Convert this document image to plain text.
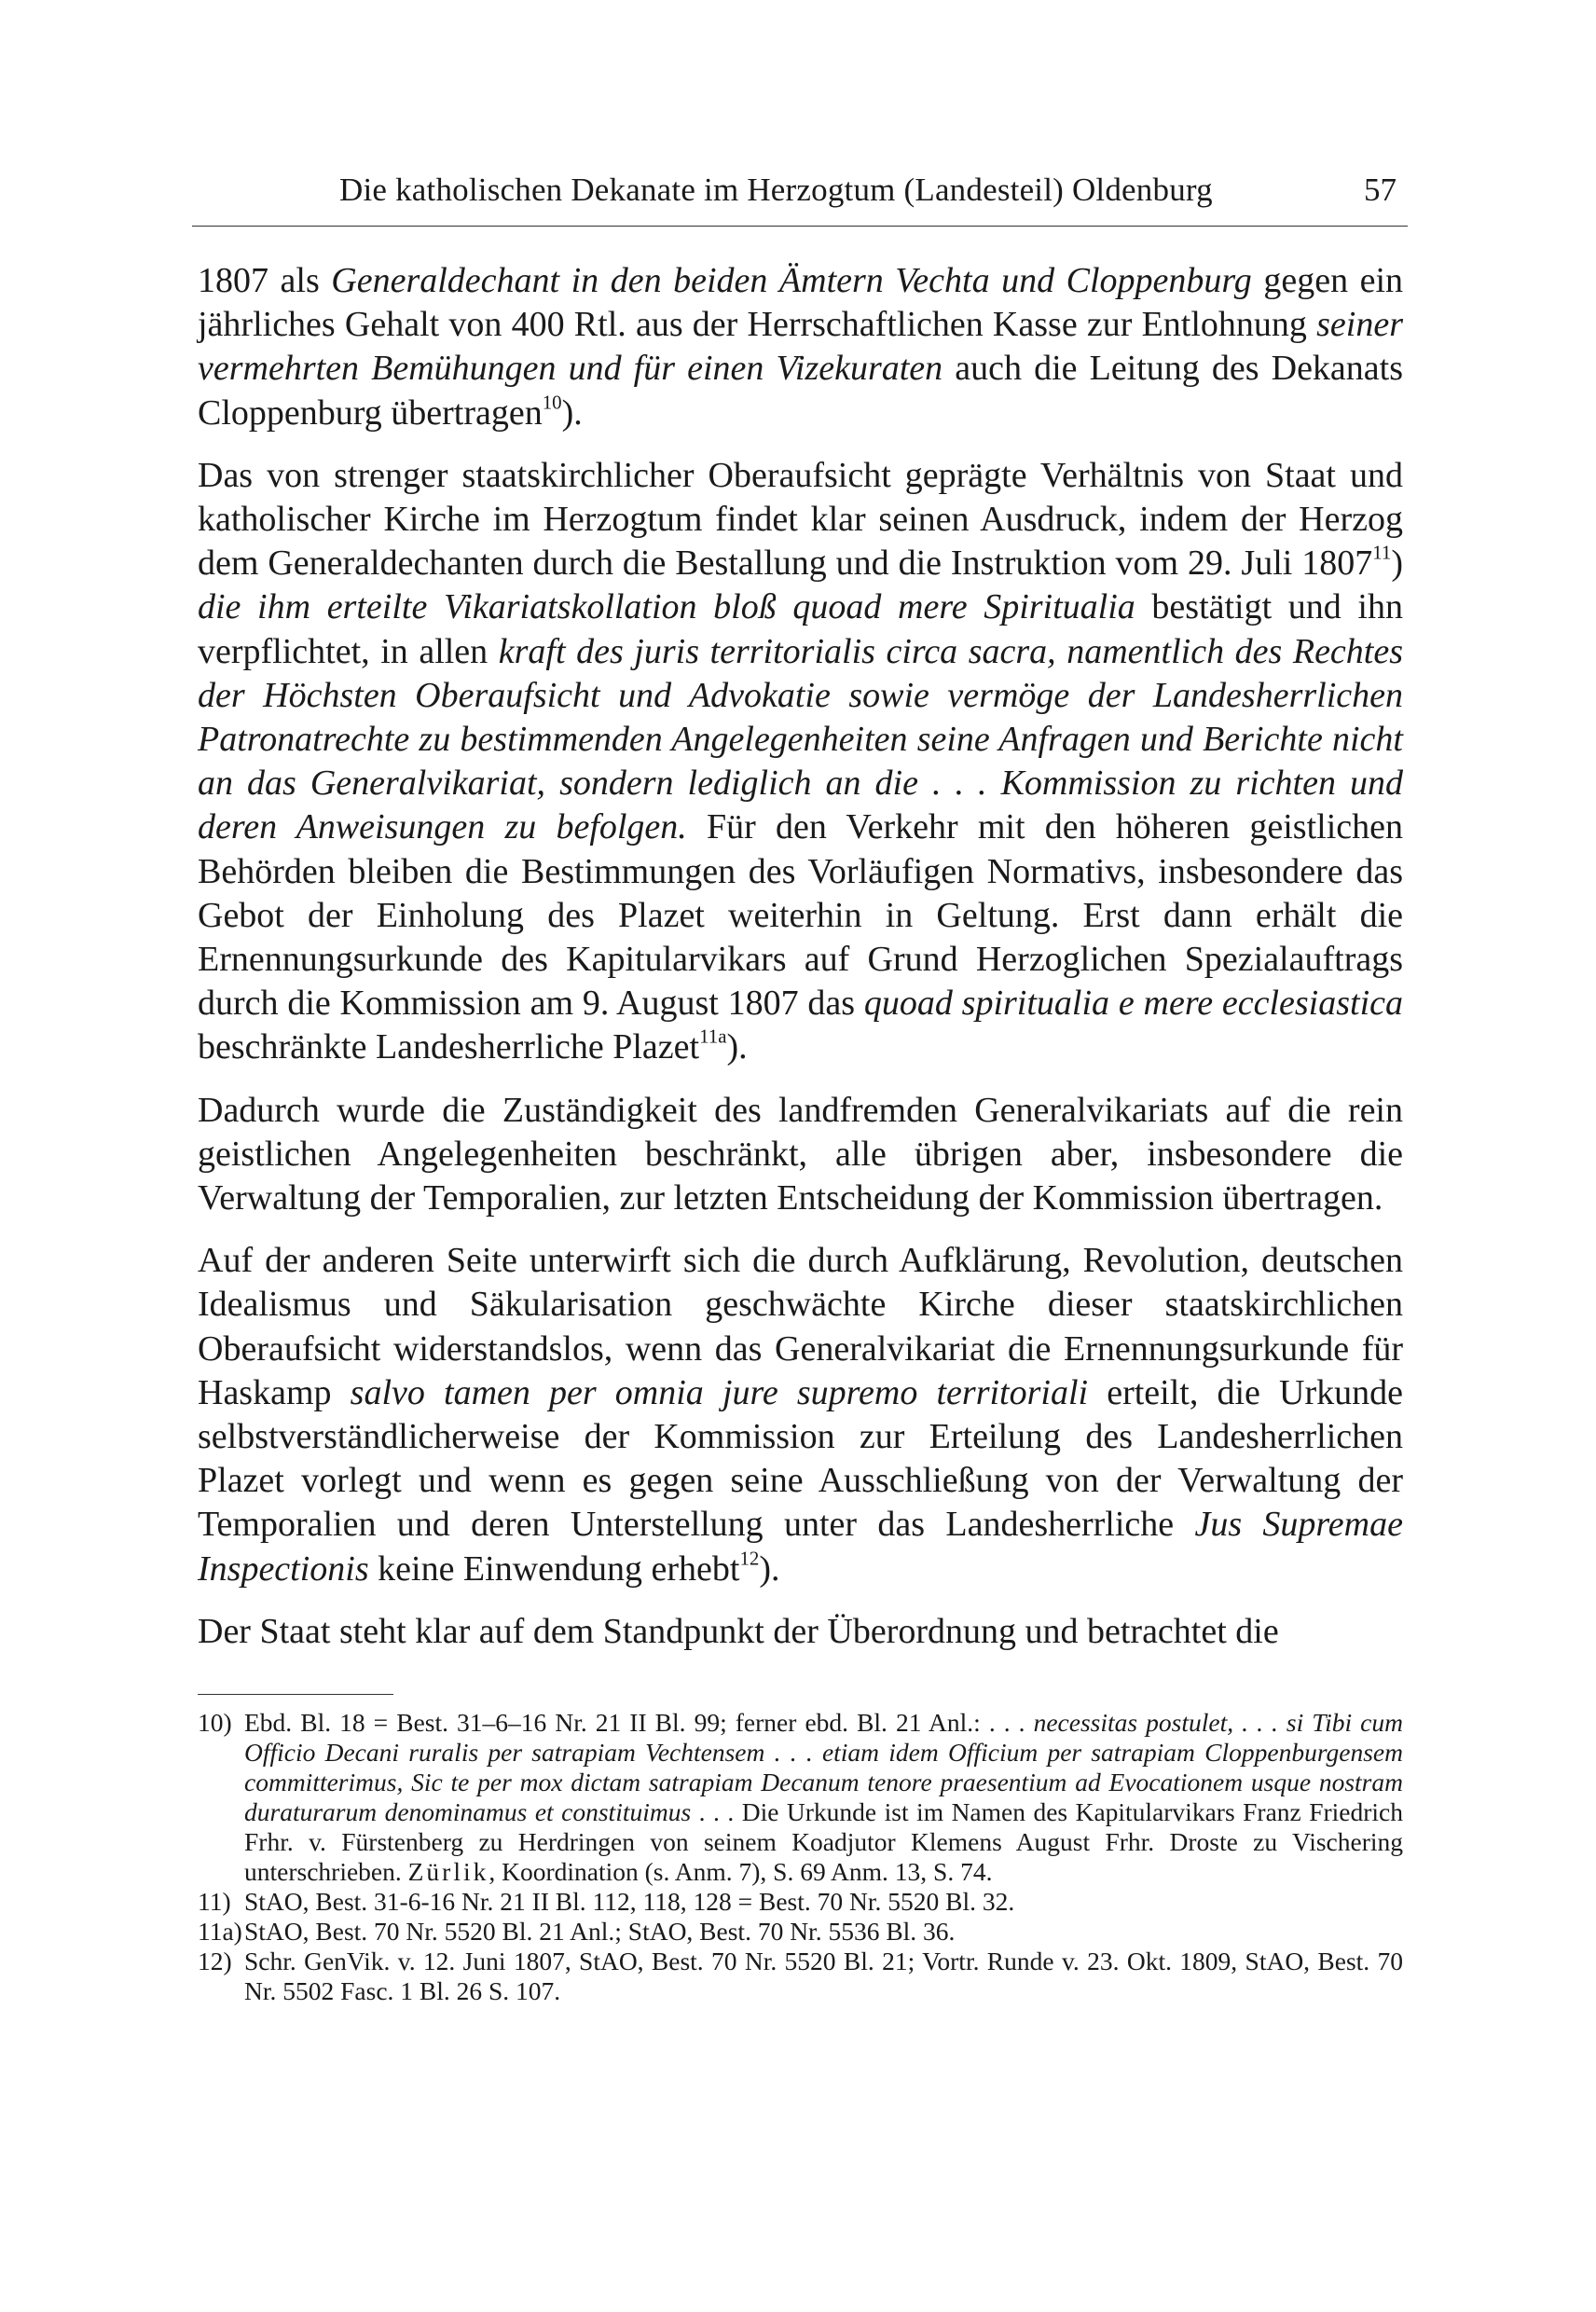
Die katholischen Dekanate im Herzogtum (Landesteil) Oldenburg	57

1807 als Generaldechant in den beiden Ämtern Vechta und Cloppenburg gegen ein jährliches Gehalt von 400 Rtl. aus der Herrschaftlichen Kasse zur Entlohnung seiner vermehrten Bemühungen und für einen Vizekuraten auch die Leitung des Dekanats Cloppenburg übertragen$^{10}$).

Das von strenger staatskirchlicher Oberaufsicht geprägte Verhältnis von Staat und katholischer Kirche im Herzogtum findet klar seinen Ausdruck, indem der Herzog dem Generaldechanten durch die Bestallung und die Instruktion vom 29. Juli 1807$^{11}$) die ihm erteilte Vikariatskollation bloß quoad mere Spiritualia bestätigt und ihn verpflichtet, in allen kraft des juris territorialis circa sacra, namentlich des Rechtes der Höchsten Oberaufsicht und Advokatie sowie vermöge der Landesherrlichen Patronatrechte zu bestimmenden Angelegenheiten seine Anfragen und Berichte nicht an das Generalvikariat, sondern lediglich an die . . . Kommission zu richten und deren Anweisungen zu befolgen. Für den Verkehr mit den höheren geistlichen Behörden bleiben die Bestimmungen des Vorläufigen Normativs, insbesondere das Gebot der Einholung des Plazet weiterhin in Geltung. Erst dann erhält die Ernennungsurkunde des Kapitularvikars auf Grund Herzoglichen Spezialauftrags durch die Kommission am 9. August 1807 das quoad spiritualia e mere ecclesiastica beschränkte Landesherrliche Plazet$^{11a}$).

Dadurch wurde die Zuständigkeit des landfremden Generalvikariats auf die rein geistlichen Angelegenheiten beschränkt, alle übrigen aber, insbesondere die Verwaltung der Temporalien, zur letzten Entscheidung der Kommission übertragen.

Auf der anderen Seite unterwirft sich die durch Aufklärung, Revolution, deutschen Idealismus und Säkularisation geschwächte Kirche dieser staatskirchlichen Oberaufsicht widerstandslos, wenn das Generalvikariat die Ernennungsurkunde für Haskamp salvo tamen per omnia jure supremo territoriali erteilt, die Urkunde selbstverständlicherweise der Kommission zur Erteilung des Landesherrlichen Plazet vorlegt und wenn es gegen seine Ausschließung von der Verwaltung der Temporalien und deren Unterstellung unter das Landesherrliche Jus Supremae Inspectionis keine Einwendung erhebt$^{12}$).

Der Staat steht klar auf dem Standpunkt der Überordnung und betrachtet die

10) Ebd. Bl. 18 = Best. 31–6–16 Nr. 21 II Bl. 99; ferner ebd. Bl. 21 Anl.: . . . necessitas postulet, . . . si Tibi cum Officio Decani ruralis per satrapiam Vechtensem . . . etiam idem Officium per satrapiam Cloppenburgensem committerimus, Sic te per mox dictam satrapiam Decanum tenore praesentium ad Evocationem usque nostram duraturarum denominamus et constituimus . . . Die Urkunde ist im Namen des Kapitularvikars Franz Friedrich Frhr. v. Fürstenberg zu Herdringen von seinem Koadjutor Klemens August Frhr. Droste zu Vischering unterschrieben. Zürlik, Koordination (s. Anm. 7), S. 69 Anm. 13, S. 74.
11) StAO, Best. 31-6-16 Nr. 21 II Bl. 112, 118, 128 = Best. 70 Nr. 5520 Bl. 32.
11a) StAO, Best. 70 Nr. 5520 Bl. 21 Anl.; StAO, Best. 70 Nr. 5536 Bl. 36.
12) Schr. GenVik. v. 12. Juni 1807, StAO, Best. 70 Nr. 5520 Bl. 21; Vortr. Runde v. 23. Okt. 1809, StAO, Best. 70 Nr. 5502 Fasc. 1 Bl. 26 S. 107.
